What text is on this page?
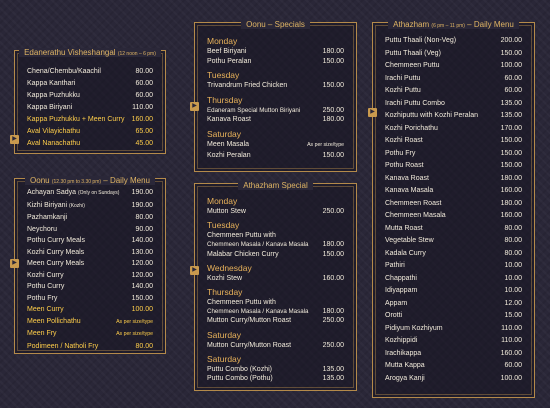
Edanerathu Visheshangal (12 noon – 6 pm)
Chena/Chembu/Kaachil	80.00
Kappa Kanthari	60.00
Kappa Puzhukku	60.00
Kappa Biriyani	110.00
Kappa Puzhukku + Meen Curry 160.00
Aval Vilayichathu	65.00
Aval Nanachathu	45.00
▶
Oonu (12.30 pm to 3.30 pm) – Daily Menu
Achayan Sadya (Only on Sundays) 190.00
Kizhi Biriyani (Kozhi)	190.00
Pazhamkanji	80.00
Neychoru	90.00
Pothu Curry Meals	140.00
Kozhi Curry Meals	130.00
Meen Curry Meals	120.00
Kozhi Curry	120.00
Pothu Curry	140.00
Pothu Fry	150.00
Meen Curry	100.00
Meen Pollichathu	As per size/type
Meen Fry	As per size/type
Podimeen / Natholi Fry	80.00
▶
Oonu – Specials
Monday
Beef Biriyani	180.00
Pothu Peralan	150.00
Tuesday
Trivandrum Fried Chicken	150.00
Thursday
Edaneram Special Mutton Biriyani	250.00
Kanava Roast	180.00
Saturday
Meen Masala	As per size/type
Kozhi Peralan	150.00
▶
Athazham Special
Monday
Mutton Stew	250.00
Tuesday
Chemmeen Puttu with
Chemmeen Masala / Kanava Masala 180.00
Malabar Chicken Curry	150.00
Wednesday
Kozhi Stew	160.00
Thursday
Chemmeen Puttu with
Chemmeen Masala / Kanava Masala 180.00
Mutton Curry/Mutton Roast	250.00
Saturday
Mutton Curry/Mutton Roast	250.00
Saturday
Puttu Combo (Kozhi)	135.00
Puttu Combo (Pothu)	135.00
▶
Athazham (6 pm – 11 pm) – Daily Menu
Puttu Thaali (Non-Veg)	200.00
Puttu Thaali (Veg)	150.00
Chemmeen Puttu	100.00
Irachi Puttu	60.00
Kozhi Puttu	60.00
Irachi Puttu Combo	135.00
Kozhiputtu with Kozhi Peralan	135.00
Kozhi Porichathu	170.00
Kozhi Roast	150.00
Pothu Fry	150.00
Pothu Roast	150.00
Kanava Roast	180.00
Kanava Masala	160.00
Chemmeen Roast	180.00
Chemmeen Masala	160.00
Mutta Roast	80.00
Vegetable Stew	80.00
Kadala Curry	80.00
Pathiri	10.00
Chappathi	10.00
Idiyappam	10.00
Appam	12.00
Orotti	15.00
Pidiyum Kozhiyum	110.00
Kozhippidi	110.00
Irachikappa	160.00
Mutta Kappa	60.00
Arogya Kanji	100.00
▶
